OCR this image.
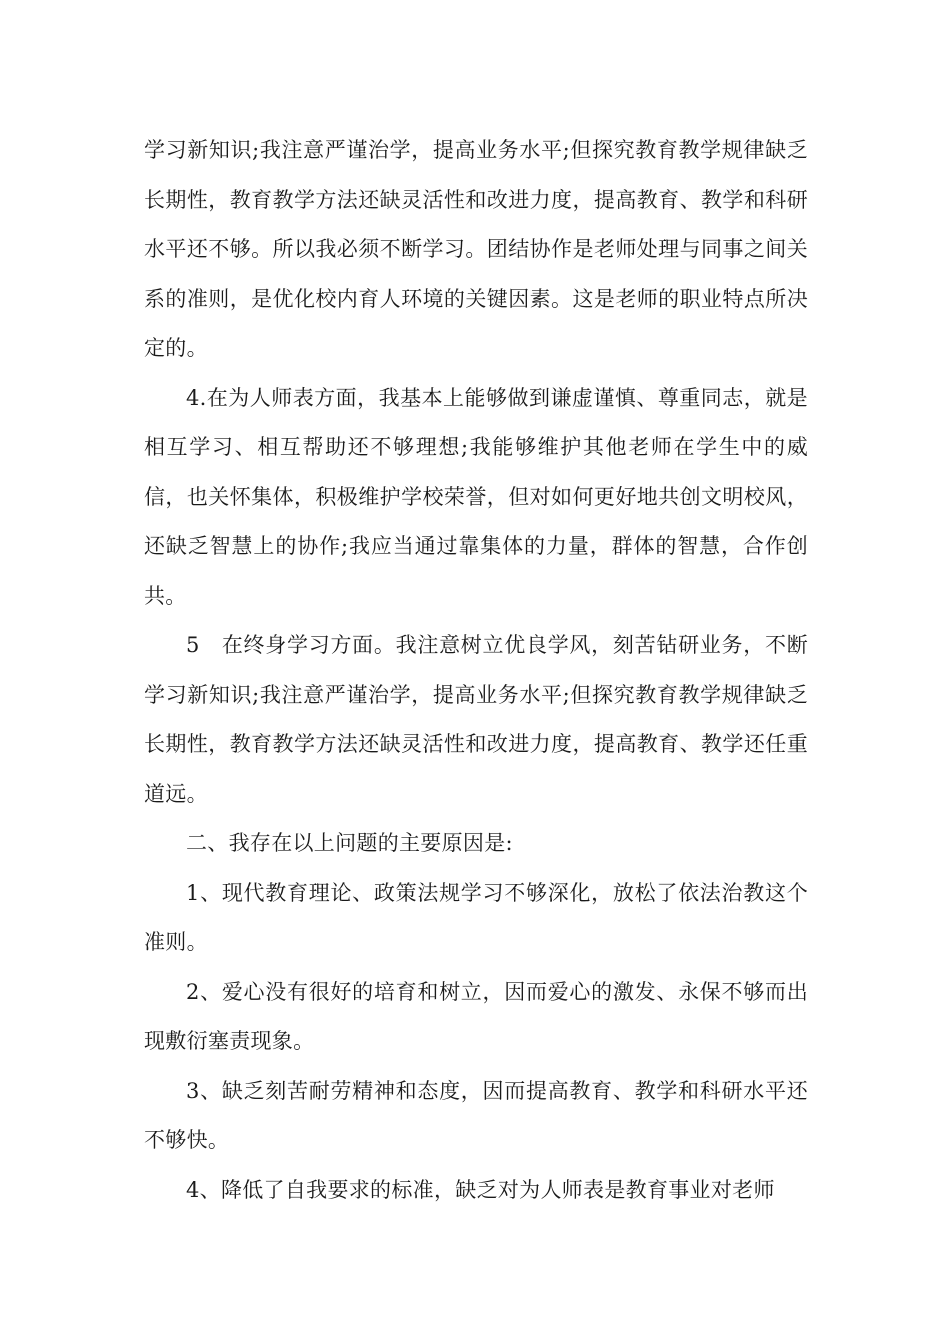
学习新知识;我注意严谨治学，提高业务水平;但探究教育教学规律缺乏长期性，教育教学方法还缺灵活性和改进力度，提高教育、教学和科研水平还不够。所以我必须不断学习。团结协作是老师处理与同事之间关系的准则，是优化校内育人环境的关键因素。这是老师的职业特点所决定的。

4.在为人师表方面，我基本上能够做到谦虚谨慎、尊重同志，就是相互学习、相互帮助还不够理想;我能够维护其他老师在学生中的威信，也关怀集体，积极维护学校荣誉，但对如何更好地共创文明校风，还缺乏智慧上的协作;我应当通过靠集体的力量，群体的智慧，合作创共。

5　在终身学习方面。我注意树立优良学风，刻苦钻研业务，不断学习新知识;我注意严谨治学，提高业务水平;但探究教育教学规律缺乏长期性，教育教学方法还缺灵活性和改进力度，提高教育、教学还任重道远。

二、我存在以上问题的主要原因是:

1、现代教育理论、政策法规学习不够深化，放松了依法治教这个准则。

2、爱心没有很好的培育和树立，因而爱心的激发、永保不够而出现敷衍塞责现象。

3、缺乏刻苦耐劳精神和态度，因而提高教育、教学和科研水平还不够快。

4、降低了自我要求的标准，缺乏对为人师表是教育事业对老师
